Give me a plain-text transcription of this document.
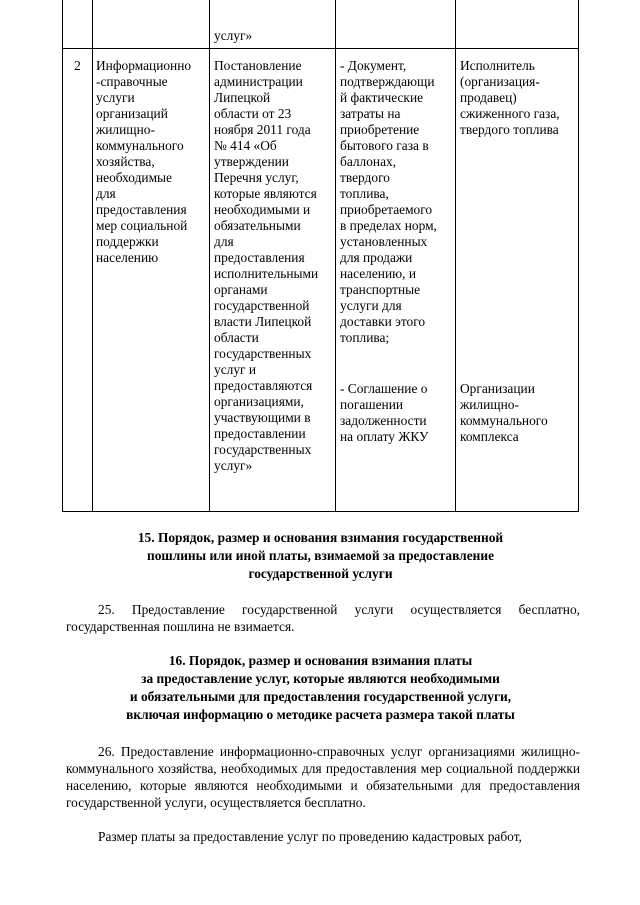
услуг»
2	Информационно
-справочные
услуги
организаций
жилищно-
коммунального
хозяйства,
необходимые
для
предоставления
мер социальной
поддержки
населению
Постановление
администрации
Липецкой
области от 23
ноября 2011 года
№ 414 «Об
утверждении
Перечня услуг,
которые являются
необходимыми и
обязательными
для
предоставления
исполнительными
органами
государственной
власти Липецкой
области
государственных
услуг и
предоставляются
организациями,
участвующими в
предоставлении
государственных
услуг»
- Документ,
подтверждающи
й фактические
затраты на
приобретение
бытового газа в
баллонах,
твердого
топлива,
приобретаемого
в пределах норм,
установленных
для продажи
населению, и
транспортные
услуги для
доставки этого
топлива;
- Соглашение о
погашении
задолженности
на оплату ЖКУ
Исполнитель
(организация-
продавец)
сжиженного газа,
твердого топлива
Организации
жилищно-
коммунального
комплекса
15. Порядок, размер и основания взимания государственной
пошлины или иной платы, взимаемой за предоставление
государственной услуги
25. Предоставление государственной услуги осуществляется бесплатно, государственная пошлина не взимается.
16. Порядок, размер и основания взимания платы
за предоставление услуг, которые являются необходимыми
и обязательными для предоставления государственной услуги,
включая информацию о методике расчета размера такой платы
26. Предоставление информационно-справочных услуг организациями жилищно-коммунального хозяйства, необходимых для предоставления мер социальной поддержки населению, которые являются необходимыми и обязательными для предоставления государственной услуги, осуществляется бесплатно.
Размер платы за предоставление услуг по проведению кадастровых работ,
